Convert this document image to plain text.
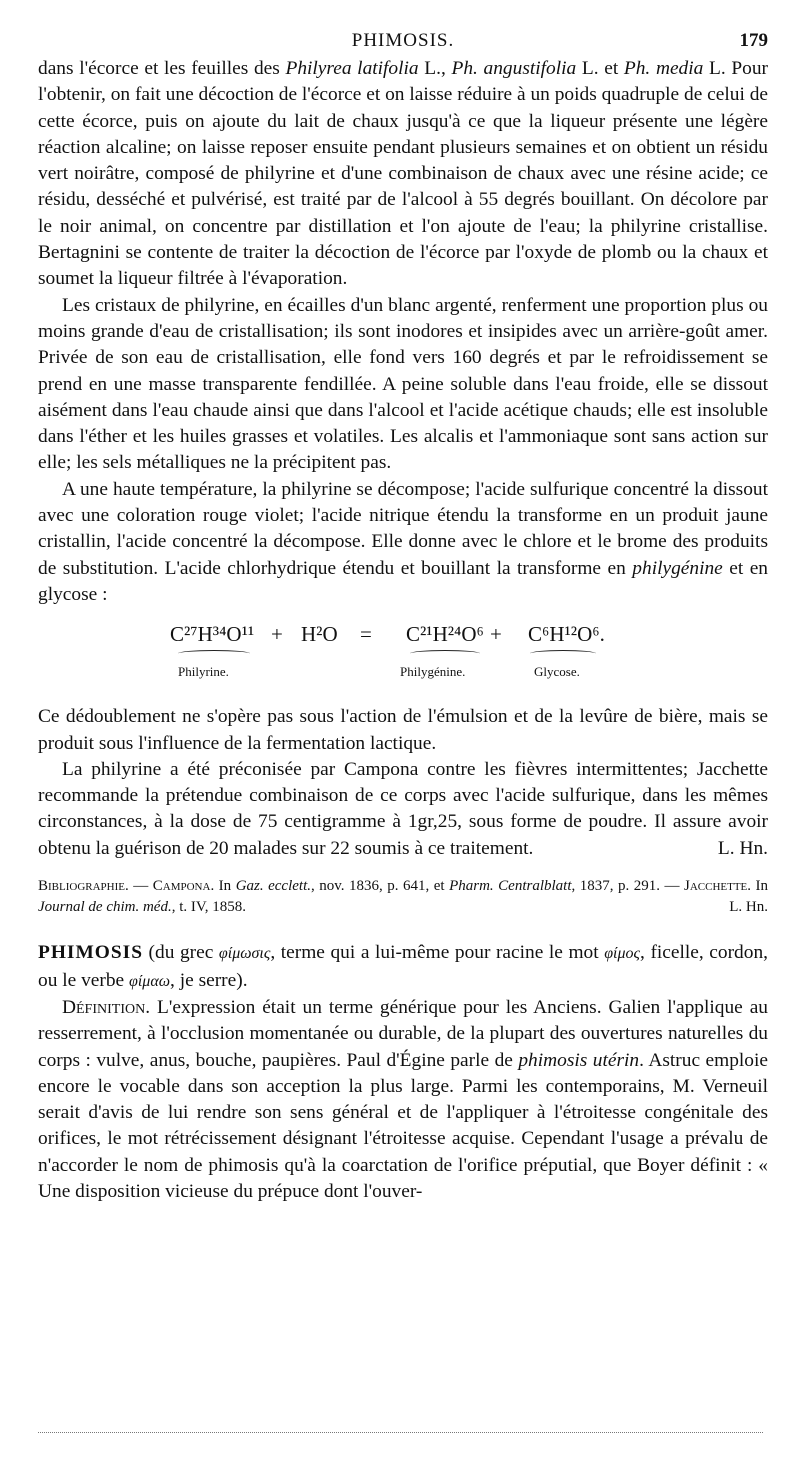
PHIMOSIS.	179

dans l'écorce et les feuilles des Philyrea latifolia L., Ph. angustifolia L. et Ph. media L. Pour l'obtenir, on fait une décoction de l'écorce et on laisse réduire à un poids quadruple de celui de cette écorce, puis on ajoute du lait de chaux jusqu'à ce que la liqueur présente une légère réaction alcaline; on laisse reposer ensuite pendant plusieurs semaines et on obtient un résidu vert noirâtre, composé de philyrine et d'une combinaison de chaux avec une résine acide; ce résidu, desséché et pulvérisé, est traité par de l'alcool à 55 degrés bouillant. On décolore par le noir animal, on concentre par distillation et l'on ajoute de l'eau; la philyrine cristallise. Bertagnini se contente de traiter la décoction de l'écorce par l'oxyde de plomb ou la chaux et soumet la liqueur filtrée à l'évaporation.

Les cristaux de philyrine, en écailles d'un blanc argenté, renferment une proportion plus ou moins grande d'eau de cristallisation; ils sont inodores et insipides avec un arrière-goût amer. Privée de son eau de cristallisation, elle fond vers 160 degrés et par le refroidissement se prend en une masse transparente fendillée. A peine soluble dans l'eau froide, elle se dissout aisément dans l'eau chaude ainsi que dans l'alcool et l'acide acétique chauds; elle est insoluble dans l'éther et les huiles grasses et volatiles. Les alcalis et l'ammoniaque sont sans action sur elle; les sels métalliques ne la précipitent pas.

A une haute température, la philyrine se décompose; l'acide sulfurique concentré la dissout avec une coloration rouge violet; l'acide nitrique étendu la transforme en un produit jaune cristallin, l'acide concentré la décompose. Elle donne avec le chlore et le brome des produits de substitution. L'acide chlorhydrique étendu et bouillant la transforme en philygénine et en glycose :

C²⁷H³⁴O¹¹ + H²O = C²¹H²⁴O⁶ + C⁶H¹²O⁶.
Philyrine.	Philygénine.	Glycose.

Ce dédoublement ne s'opère pas sous l'action de l'émulsion et de la levûre de bière, mais se produit sous l'influence de la fermentation lactique.

La philyrine a été préconisée par Campona contre les fièvres intermittentes; Jacchette recommande la prétendue combinaison de ce corps avec l'acide sulfurique, dans les mêmes circonstances, à la dose de 75 centigramme à 1gr,25, sous forme de poudre. Il assure avoir obtenu la guérison de 20 malades sur 22 soumis à ce traitement.	L. Hn.

Bibliographie. — Campona. In Gaz. ecclett., nov. 1836, p. 641, et Pharm. Centralblatt, 1837, p. 291. — Jacchette. In Journal de chim. méd., t. IV, 1858.	L. Hn.

PHIMOSIS (du grec φίμωσις, terme qui a lui-même pour racine le mot φίμος, ficelle, cordon, ou le verbe φίμαω, je serre).

Définition. L'expression était un terme générique pour les Anciens. Galien l'applique au resserrement, à l'occlusion momentanée ou durable, de la plupart des ouvertures naturelles du corps : vulve, anus, bouche, paupières. Paul d'Égine parle de phimosis utérin. Astruc emploie encore le vocable dans son acception la plus large. Parmi les contemporains, M. Verneuil serait d'avis de lui rendre son sens général et de l'appliquer à l'étroitesse congénitale des orifices, le mot rétrécissement désignant l'étroitesse acquise. Cependant l'usage a prévalu de n'accorder le nom de phimosis qu'à la coarctation de l'orifice préputial, que Boyer définit : « Une disposition vicieuse du prépuce dont l'ouver-
